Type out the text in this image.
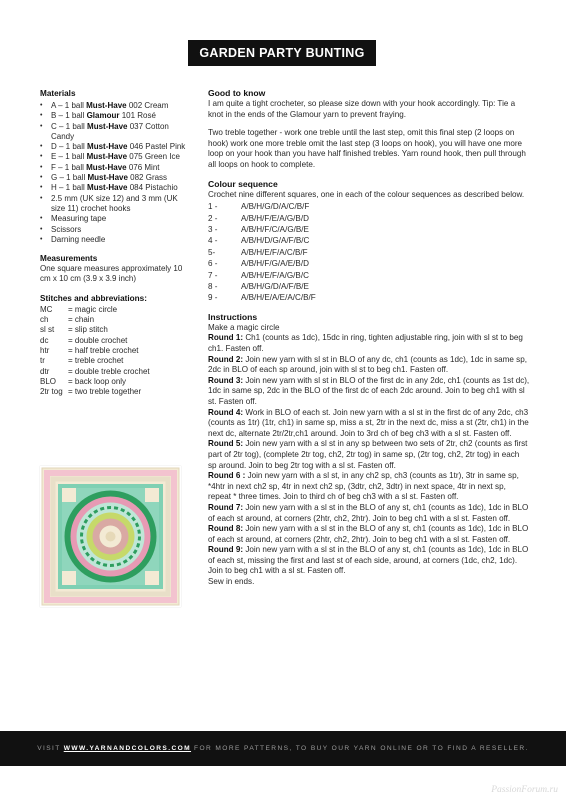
GARDEN PARTY BUNTING
Materials
• A – 1 ball Must-Have 002 Cream
• B – 1 ball Glamour 101 Rosé
• C – 1 ball Must-Have 037 Cotton Candy
• D – 1 ball Must-Have 046 Pastel Pink
• E – 1 ball Must-Have 075 Green Ice
• F – 1 ball Must-Have 076 Mint
• G – 1 ball Must-Have 082 Grass
• H – 1 ball Must-Have 084 Pistachio
• 2.5 mm (UK size 12) and 3 mm (UK size 11) crochet hooks
• Measuring tape
• Scissors
• Darning needle
Measurements
One square measures approximately 10 cm x 10 cm (3.9 x 3.9 inch)
Stitches and abbreviations:
MC	= magic circle
ch	= chain
sl st	= slip stitch
dc	= double crochet
htr	= half treble crochet
tr	= treble crochet
dtr	= double treble crochet
BLO	= back loop only
2tr tog	= two treble together
Good to know

I am quite a tight crocheter, so please size down with your hook accordingly. Tip: Tie a knot in the ends of the Glamour yarn to prevent fraying.

Two treble together - work one treble until the last step, omit this final step (2 loops on hook) work one more treble omit the last step (3 loops on hook), you will have one more loop on your hook than you have half finished trebles. Yarn round hook, then pull through all loops on hook to complete.

Colour sequence

Crochet nine different squares, one in each of the colour sequences as described below.

1 -	A/B/H/G/D/A/C/B/F
2 -	A/B/H/F/E/A/G/B/D
3 -	A/B/H/F/C/A/G/B/E
4 -	A/B/H/D/G/A/F/B/C
5-	A/B/H/E/F/A/C/B/F
6 -	A/B/H/F/G/A/E/B/D
7 -	A/B/H/E/F/A/G/B/C
8 -	A/B/H/G/D/A/F/B/E
9 -	A/B/H/E/A/E/A/C/B/F
Instructions

Make a magic circle

Round 1: Ch1 (counts as 1dc), 15dc in ring, tighten adjustable ring, join with sl st to beg ch1. Fasten off.

Round 2: Join new yarn with sl st in BLO of any dc, ch1 (counts as 1dc), 1dc in same sp, 2dc in BLO of each sp around, join with sl st to beg ch1. Fasten off.

Round 3: Join new yarn with sl st in BLO of the first dc in any 2dc, ch1 (counts as 1st dc), 1dc in same sp, 2dc in the BLO of the first dc of each 2dc around. Join to beg ch1 with sl st. Fasten off.

Round 4: Work in BLO of each st. Join new yarn with a sl st in the first dc of any 2dc, ch3 (counts as 1tr) (1tr, ch1) in same sp, miss a st, 2tr in the next dc, miss a st (2tr, ch1) in the next dc, alternate 2tr/2tr,ch1 around. Join to 3rd ch of beg ch3 with a sl st. Fasten off.

Round 5: Join new yarn with a sl st in any sp between two sets of 2tr, ch2 (counts as first part of 2tr tog), (complete 2tr tog, ch2, 2tr tog) in same sp, (2tr tog, ch2, 2tr tog) in each sp around. Join to beg 2tr tog with a sl st. Fasten off.

Round 6 : Join new yarn with a sl st, in any ch2 sp, ch3 (counts as 1tr), 3tr in same sp, *4htr in next ch2 sp, 4tr in next ch2 sp, (3dtr, ch2, 3dtr) in next space, 4tr in next sp, repeat * three times. Join to third ch of beg ch3 with a sl st. Fasten off.

Round 7: Join new yarn with a sl st in the BLO of any st, ch1 (counts as 1dc), 1dc in BLO of each st around, at corners (2htr, ch2, 2htr). Join to beg ch1 with a sl st. Fasten off.

Round 8: Join new yarn with a sl st in the BLO of any st, ch1 (counts as 1dc), 1dc in BLO of each st around, at corners (2htr, ch2, 2htr). Join to beg ch1 with a sl st. Fasten off.

Round 9: Join new yarn with a sl st in the BLO of any st, ch1 (counts as 1dc), 1dc in BLO of each st, missing the first and last st of each side, around, at corners (1dc, ch2, 1dc). Join to beg ch1 with a sl st. Fasten off.

Sew in ends.

VISIT WWW.YARNANDCOLORS.COM FOR MORE PATTERNS, TO BUY OUR YARN ONLINE OR TO FIND A RESELLER.
PassionForum.ru
